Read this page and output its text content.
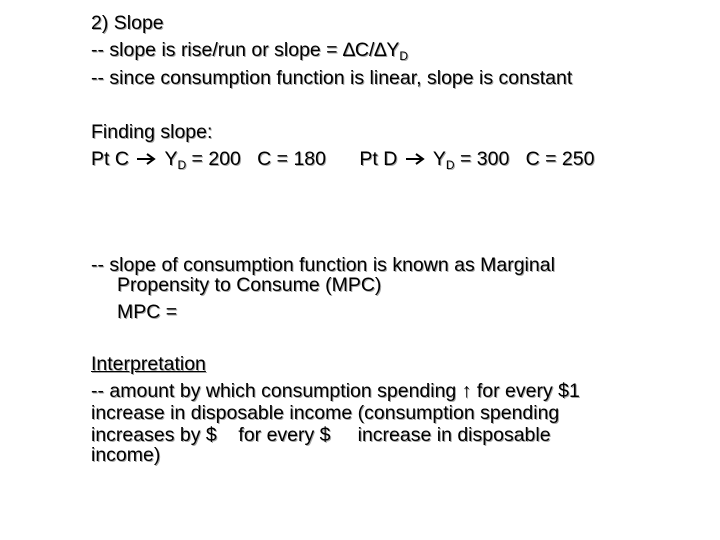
2) Slope
-- slope is rise/run or slope = $\Delta C/\Delta Y_D$
-- since consumption function is linear, slope is constant
Finding slope:
Pt C $Y_D = 200$ C = 180 Pt D $Y_D = 300$ C = 250
-- slope of consumption function is known as Marginal
Propensity to Consume (MPC)
MPC =
Interpretation
-- amount by which consumption spending ↑ for every $1
increase in disposable income (consumption spending
increases by $    for every $     increase in disposable
income)
